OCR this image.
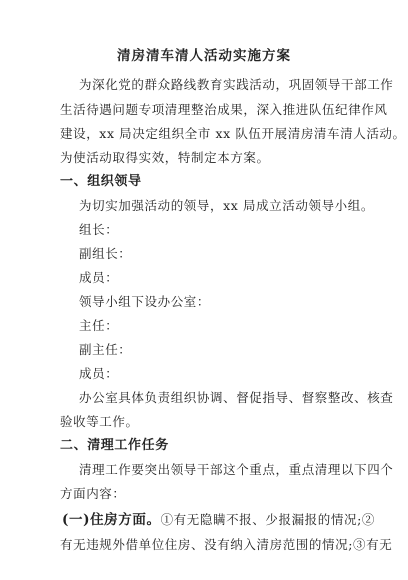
清房清车清人活动实施方案
为深化党的群众路线教育实践活动，巩固领导干部工作
生活待遇问题专项清理整治成果，深入推进队伍纪律作风
建设，xx 局决定组织全市 xx 队伍开展清房清车清人活动。
为使活动取得实效，特制定本方案。
一、组织领导
为切实加强活动的领导，xx 局成立活动领导小组。
组长：
副组长：
成员：
领导小组下设办公室：
主任：
副主任：
成员：
办公室具体负责组织协调、督促指导、督察整改、核查
验收等工作。
二、清理工作任务
清理工作要突出领导干部这个重点，重点清理以下四个
方面内容：
(一)住房方面。①有无隐瞒不报、少报漏报的情况;②
有无违规外借单位住房、没有纳入清房范围的情况;③有无
